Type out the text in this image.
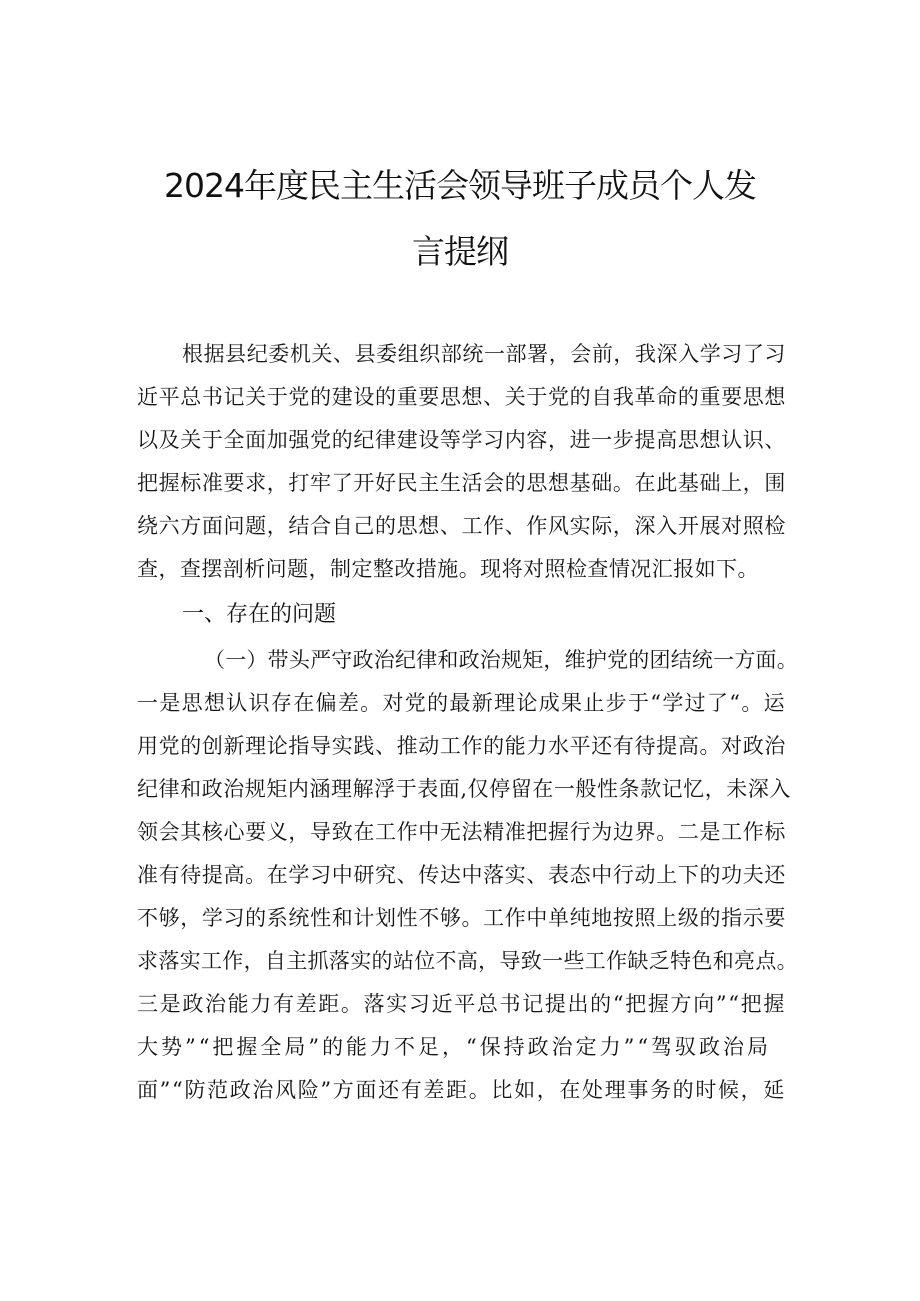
2024年度民主生活会领导班子成员个人发
言提纲
根据县纪委机关、县委组织部统一部署，会前，我深入学习了习
近平总书记关于党的建设的重要思想、关于党的自我革命的重要思想
以及关于全面加强党的纪律建设等学习内容，进一步提高思想认识、
把握标准要求，打牢了开好民主生活会的思想基础。在此基础上，围
绕六方面问题，结合自己的思想、工作、作风实际，深入开展对照检
查，查摆剖析问题，制定整改措施。现将对照检查情况汇报如下。
一、存在的问题
（一）带头严守政治纪律和政治规矩，维护党的团结统一方面。
一是思想认识存在偏差。对党的最新理论成果止步于“学过了“。运
用党的创新理论指导实践、推动工作的能力水平还有待提高。对政治
纪律和政治规矩内涵理解浮于表面,仅停留在一般性条款记忆，未深入
领会其核心要义，导致在工作中无法精准把握行为边界。二是工作标
准有待提高。在学习中研究、传达中落实、表态中行动上下的功夫还
不够，学习的系统性和计划性不够。工作中单纯地按照上级的指示要
求落实工作，自主抓落实的站位不高，导致一些工作缺乏特色和亮点。
三是政治能力有差距。落实习近平总书记提出的“把握方向”“把握
大势”“把握全局”的能力不足，“保持政治定力”“驾驭政治局
面”“防范政治风险”方面还有差距。比如，在处理事务的时候，延
